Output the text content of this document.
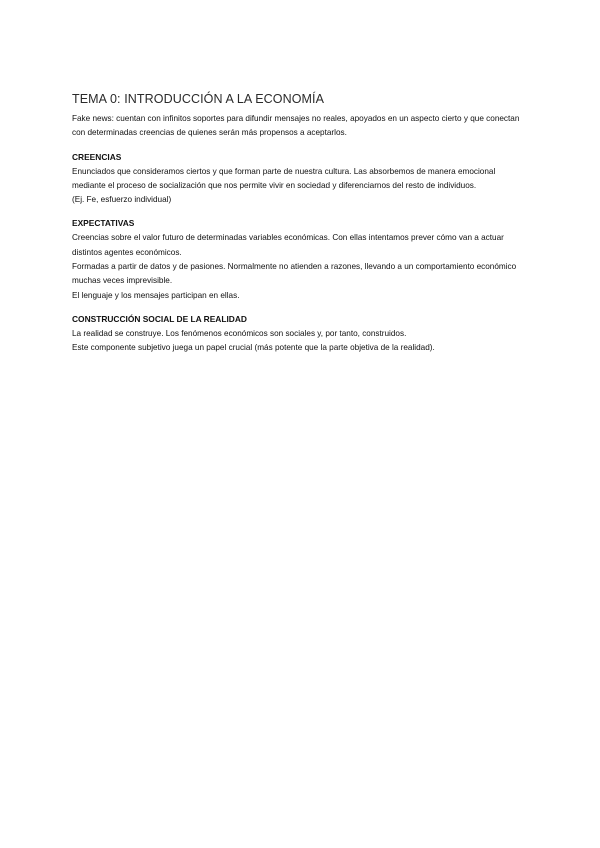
TEMA 0: INTRODUCCIÓN A LA ECONOMÍA

Fake news: cuentan con infinitos soportes para difundir mensajes no reales, apoyados en un aspecto cierto y que conectan con determinadas creencias de quienes serán más propensos a aceptarlos.

CREENCIAS

Enunciados que consideramos ciertos y que forman parte de nuestra cultura. Las absorbemos de manera emocional mediante el proceso de socialización que nos permite vivir en sociedad y diferenciarnos del resto de individuos.

(Ej. Fe, esfuerzo individual)

EXPECTATIVAS

Creencias sobre el valor futuro de determinadas variables económicas. Con ellas intentamos prever cómo van a actuar distintos agentes económicos.

Formadas a partir de datos y de pasiones. Normalmente no atienden a razones, llevando a un comportamiento económico muchas veces imprevisible.

El lenguaje y los mensajes participan en ellas.

CONSTRUCCIÓN SOCIAL DE LA REALIDAD

La realidad se construye. Los fenómenos económicos son sociales y, por tanto, construidos.

Este componente subjetivo juega un papel crucial (más potente que la parte objetiva de la realidad).
